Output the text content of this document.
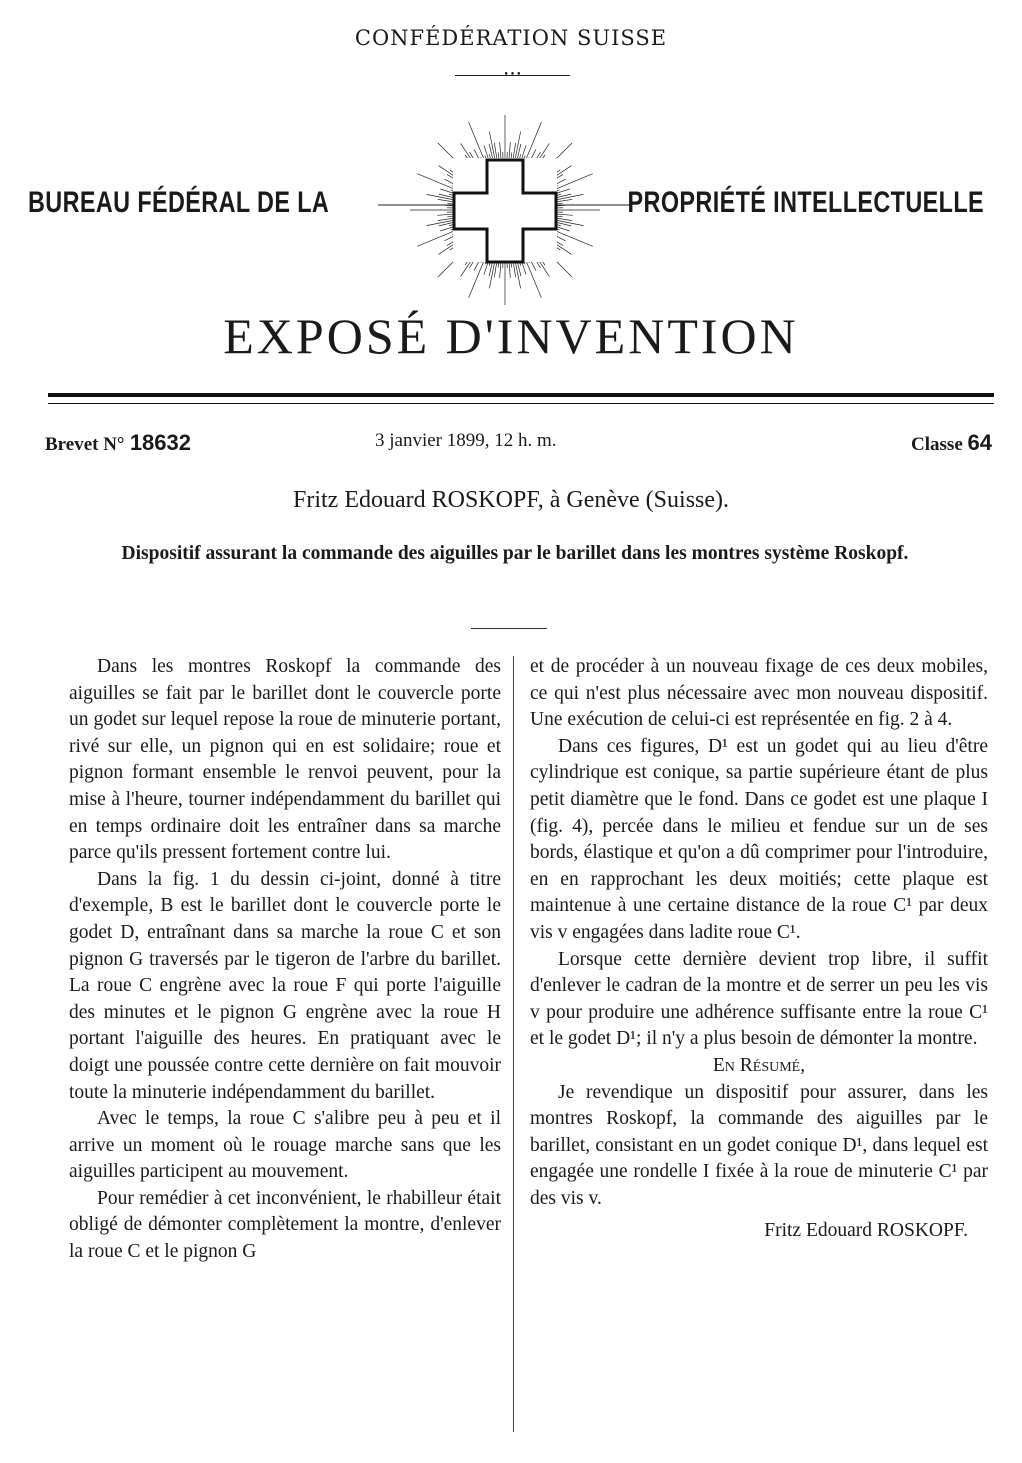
CONFÉDÉRATION SUISSE
•••
BUREAU FÉDÉRAL DE LA	PROPRIÉTÉ INTELLECTUELLE
EXPOSÉ D'INVENTION
Brevet N° 18632	3 janvier 1899, 12 h. m.	Classe 64
Fritz Edouard ROSKOPF, à Genève (Suisse).
Dispositif assurant la commande des aiguilles par le barillet dans les montres système Roskopf.

Dans les montres Roskopf la commande des aiguilles se fait par le barillet dont le couvercle porte un godet sur lequel repose la roue de minuterie portant, rivé sur elle, un pignon qui en est solidaire; roue et pignon formant ensemble le renvoi peuvent, pour la mise à l'heure, tourner indépendamment du barillet qui en temps ordinaire doit les entraîner dans sa marche parce qu'ils pressent fortement contre lui.

Dans la fig. 1 du dessin ci-joint, donné à titre d'exemple, B est le barillet dont le couvercle porte le godet D, entraînant dans sa marche la roue C et son pignon G traversés par le tigeron de l'arbre du barillet. La roue C engrène avec la roue F qui porte l'aiguille des minutes et le pignon G engrène avec la roue H portant l'aiguille des heures. En pratiquant avec le doigt une poussée contre cette dernière on fait mouvoir toute la minuterie indépendamment du barillet.

Avec le temps, la roue C s'alibre peu à peu et il arrive un moment où le rouage marche sans que les aiguilles participent au mouvement.

Pour remédier à cet inconvénient, le rhabilleur était obligé de démonter complètement la montre, d'enlever la roue C et le pignon G

et de procéder à un nouveau fixage de ces deux mobiles, ce qui n'est plus nécessaire avec mon nouveau dispositif. Une exécution de celui-ci est représentée en fig. 2 à 4.

Dans ces figures, D¹ est un godet qui au lieu d'être cylindrique est conique, sa partie supérieure étant de plus petit diamètre que le fond. Dans ce godet est une plaque I (fig. 4), percée dans le milieu et fendue sur un de ses bords, élastique et qu'on a dû comprimer pour l'introduire, en en rapprochant les deux moitiés; cette plaque est maintenue à une certaine distance de la roue C¹ par deux vis v engagées dans ladite roue C¹.

Lorsque cette dernière devient trop libre, il suffit d'enlever le cadran de la montre et de serrer un peu les vis v pour produire une adhérence suffisante entre la roue C¹ et le godet D¹; il n'y a plus besoin de démonter la montre.

En Résumé,

Je revendique un dispositif pour assurer, dans les montres Roskopf, la commande des aiguilles par le barillet, consistant en un godet conique D¹, dans lequel est engagée une rondelle I fixée à la roue de minuterie C¹ par des vis v.

Fritz Edouard ROSKOPF.
